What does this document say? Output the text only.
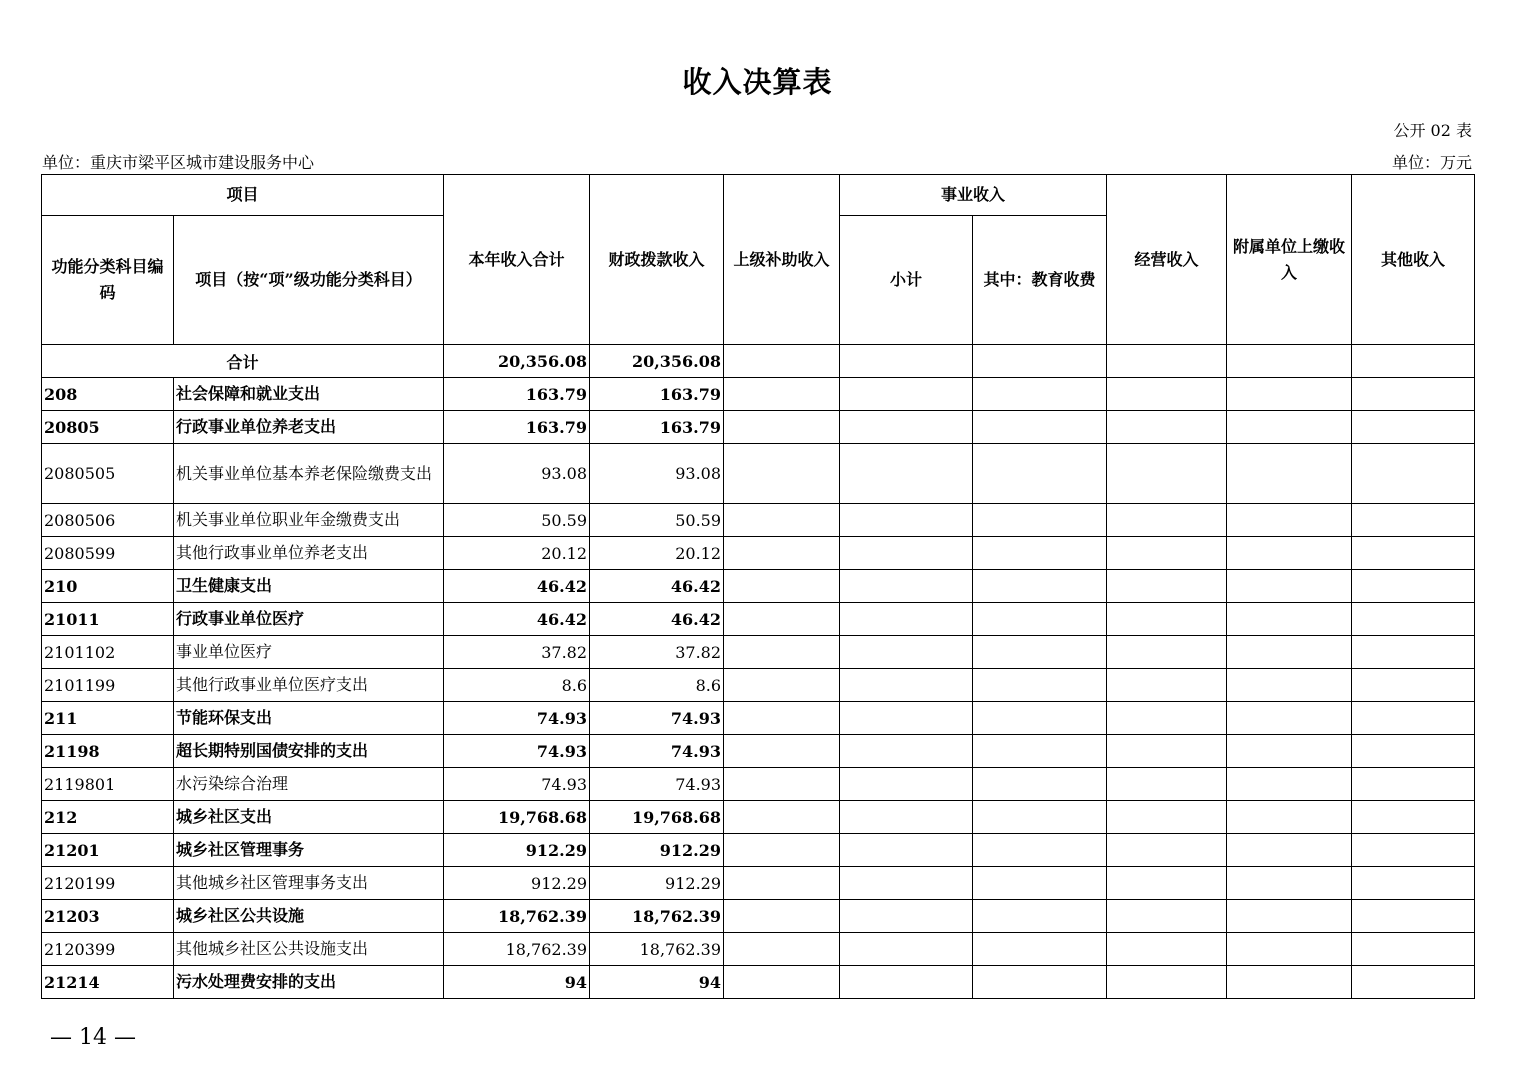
收入决算表
公开 02 表
单位：重庆市梁平区城市建设服务中心	单位：万元
项目		本年收入合计	财政拨款收入	上级补助收入	事业收入		经营收入	附属单位上缴收入	其他收入
功能分类科目编码	项目（按“项”级功能分类科目）				小计	其中：教育收费			
合计		20,356.08	20,356.08						
208	社会保障和就业支出	163.79	163.79						
20805	行政事业单位养老支出	163.79	163.79						
2080505	机关事业单位基本养老保险缴费支出	93.08	93.08						
2080506	机关事业单位职业年金缴费支出	50.59	50.59						
2080599	其他行政事业单位养老支出	20.12	20.12						
210	卫生健康支出	46.42	46.42						
21011	行政事业单位医疗	46.42	46.42						
2101102	事业单位医疗	37.82	37.82						
2101199	其他行政事业单位医疗支出	8.6	8.6						
211	节能环保支出	74.93	74.93						
21198	超长期特别国债安排的支出	74.93	74.93						
2119801	水污染综合治理	74.93	74.93						
212	城乡社区支出	19,768.68	19,768.68						
21201	城乡社区管理事务	912.29	912.29						
2120199	其他城乡社区管理事务支出	912.29	912.29						
21203	城乡社区公共设施	18,762.39	18,762.39						
2120399	其他城乡社区公共设施支出	18,762.39	18,762.39						
21214	污水处理费安排的支出	94	94						
— 14 —
